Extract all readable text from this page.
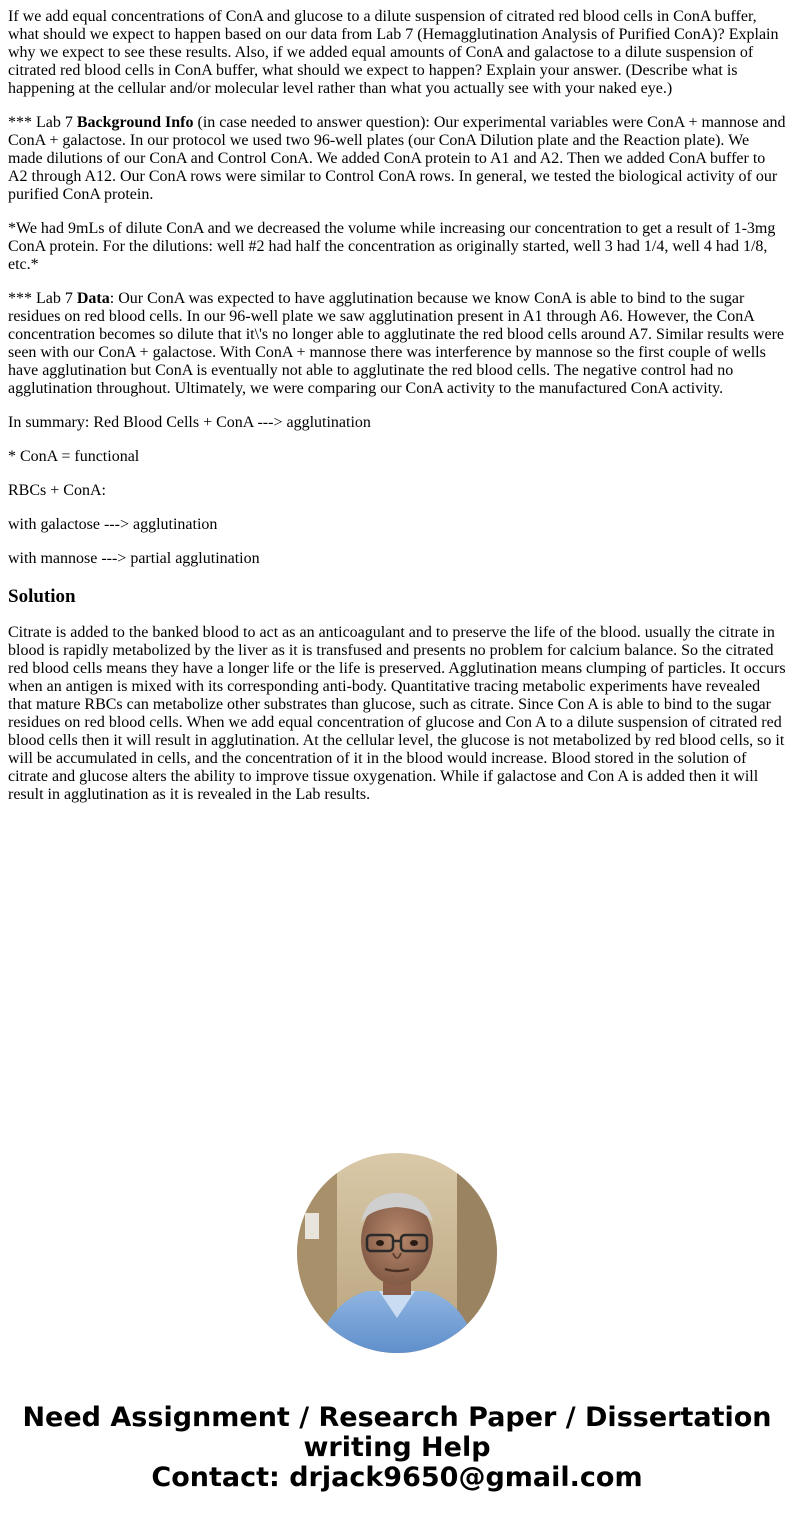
If we add equal concentrations of ConA and glucose to a dilute suspension of citrated red blood cells in ConA buffer, what should we expect to happen based on our data from Lab 7 (Hemagglutination Analysis of Purified ConA)? Explain why we expect to see these results. Also, if we added equal amounts of ConA and galactose to a dilute suspension of citrated red blood cells in ConA buffer, what should we expect to happen? Explain your answer. (Describe what is happening at the cellular and/or molecular level rather than what you actually see with your naked eye.)

*** Lab 7 Background Info (in case needed to answer question): Our experimental variables were ConA + mannose and ConA + galactose. In our protocol we used two 96-well plates (our ConA Dilution plate and the Reaction plate). We made dilutions of our ConA and Control ConA. We added ConA protein to A1 and A2. Then we added ConA buffer to A2 through A12. Our ConA rows were similar to Control ConA rows. In general, we tested the biological activity of our purified ConA protein.

*We had 9mLs of dilute ConA and we decreased the volume while increasing our concentration to get a result of 1-3mg ConA protein. For the dilutions: well #2 had half the concentration as originally started, well 3 had 1/4, well 4 had 1/8, etc.*

*** Lab 7 Data: Our ConA was expected to have agglutination because we know ConA is able to bind to the sugar residues on red blood cells. In our 96-well plate we saw agglutination present in A1 through A6. However, the ConA concentration becomes so dilute that it\'s no longer able to agglutinate the red blood cells around A7. Similar results were seen with our ConA + galactose. With ConA + mannose there was interference by mannose so the first couple of wells have agglutination but ConA is eventually not able to agglutinate the red blood cells. The negative control had no agglutination throughout. Ultimately, we were comparing our ConA activity to the manufactured ConA activity.

In summary: Red Blood Cells + ConA ---> agglutination

* ConA = functional

RBCs + ConA:

with galactose ---> agglutination

with mannose ---> partial agglutination

Solution

Citrate is added to the banked blood to act as an anticoagulant and to preserve the life of the blood. usually the citrate in blood is rapidly metabolized by the liver as it is transfused and presents no problem for calcium balance. So the citrated red blood cells means they have a longer life or the life is preserved. Agglutination means clumping of particles. It occurs when an antigen is mixed with its corresponding anti-body. Quantitative tracing metabolic experiments have revealed that mature RBCs can metabolize other substrates than glucose, such as citrate. Since Con A is able to bind to the sugar residues on red blood cells. When we add equal concentration of glucose and Con A to a dilute suspension of citrated red blood cells then it will result in agglutination. At the cellular level, the glucose is not metabolized by red blood cells, so it will be accumulated in cells, and the concentration of it in the blood would increase. Blood stored in the solution of citrate and glucose alters the ability to improve tissue oxygenation. While if galactose and Con A is added then it will result in agglutination as it is revealed in the Lab results.

Need Assignment / Research Paper / Dissertation
writing Help
Contact: drjack9650@gmail.com
